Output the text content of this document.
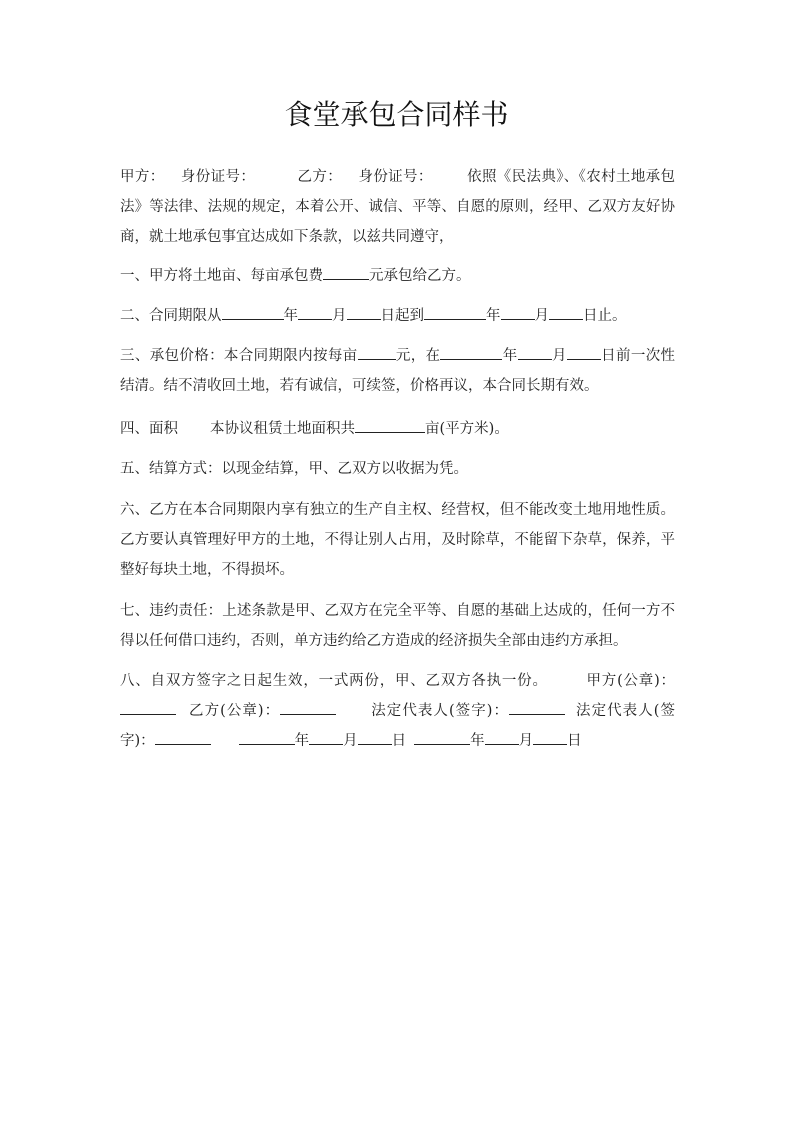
食堂承包合同样书
甲方： 身份证号：	乙方： 身份证号： 依照《民法典》、《农村土地承包法》等法律、法规的规定，本着公开、诚信、平等、自愿的原则，经甲、乙双方友好协商，就土地承包事宜达成如下条款，以兹共同遵守，
一、甲方将土地亩、每亩承包费	元承包给乙方。
二、合同期限从	年 月 日起到	年 月 日止。
三、承包价格：本合同期限内按每亩	元，在	年 月 日前一次性结清。结不清收回土地，若有诚信，可续签，价格再议，本合同长期有效。
四、面积 本协议租赁土地面积共	亩(平方米)。
五、结算方式：以现金结算，甲、乙双方以收据为凭。
六、乙方在本合同期限内享有独立的生产自主权、经营权，但不能改变土地用地性质。乙方要认真管理好甲方的土地，不得让别人占用，及时除草，不能留下杂草，保养，平整好每块土地，不得损坏。
七、违约责任：上述条款是甲、乙双方在完全平等、自愿的基础上达成的，任何一方不得以任何借口违约，否则，单方违约给乙方造成的经济损失全部由违约方承担。
八、自双方签字之日起生效，一式两份，甲、乙双方各执一份。	甲方(公章)：乙方(公章)：	法定代表人(签字)：	法定代表人(签字)：	年 月 日	年 月 日
